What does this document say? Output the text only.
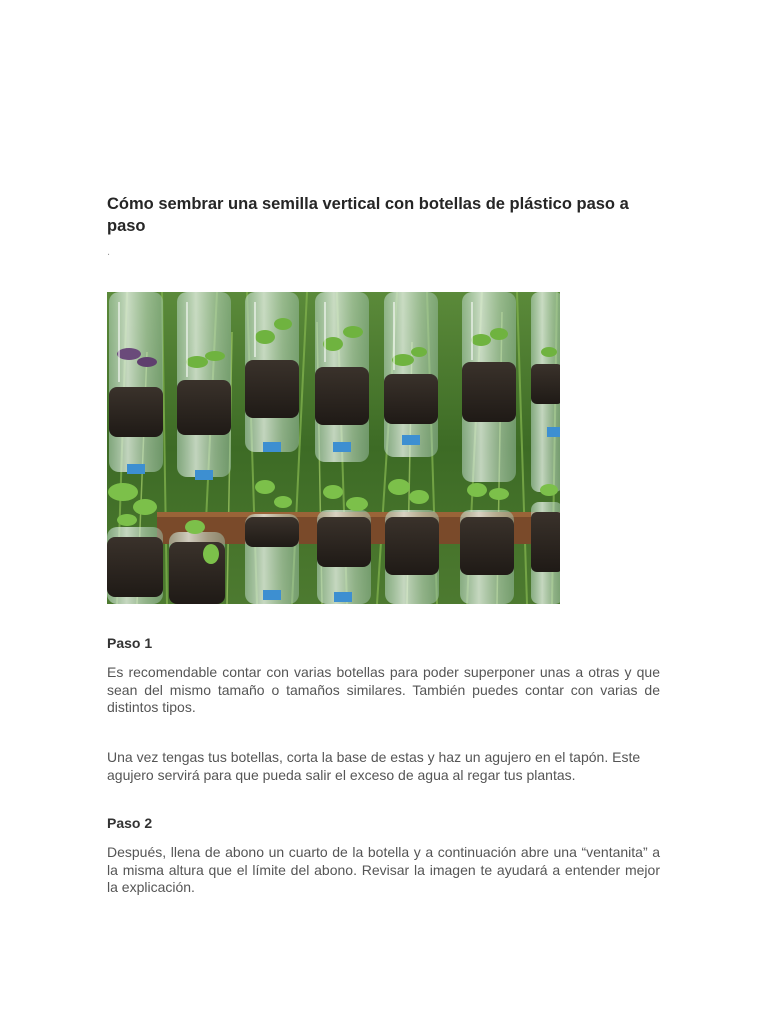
Cómo sembrar una semilla vertical con botellas de plástico paso a paso

.

Paso 1

Es recomendable contar con varias botellas para poder superponer unas a otras y que sean del mismo tamaño o tamaños similares. También puedes contar con varias de distintos tipos.

Una vez tengas tus botellas, corta la base de estas y haz un agujero en el tapón. Este agujero servirá para que pueda salir el exceso de agua al regar tus plantas.

Paso 2

Después, llena de abono un cuarto de la botella y a continuación abre una “ventanita” a la misma altura que el límite del abono. Revisar la imagen te ayudará a entender mejor la explicación.
